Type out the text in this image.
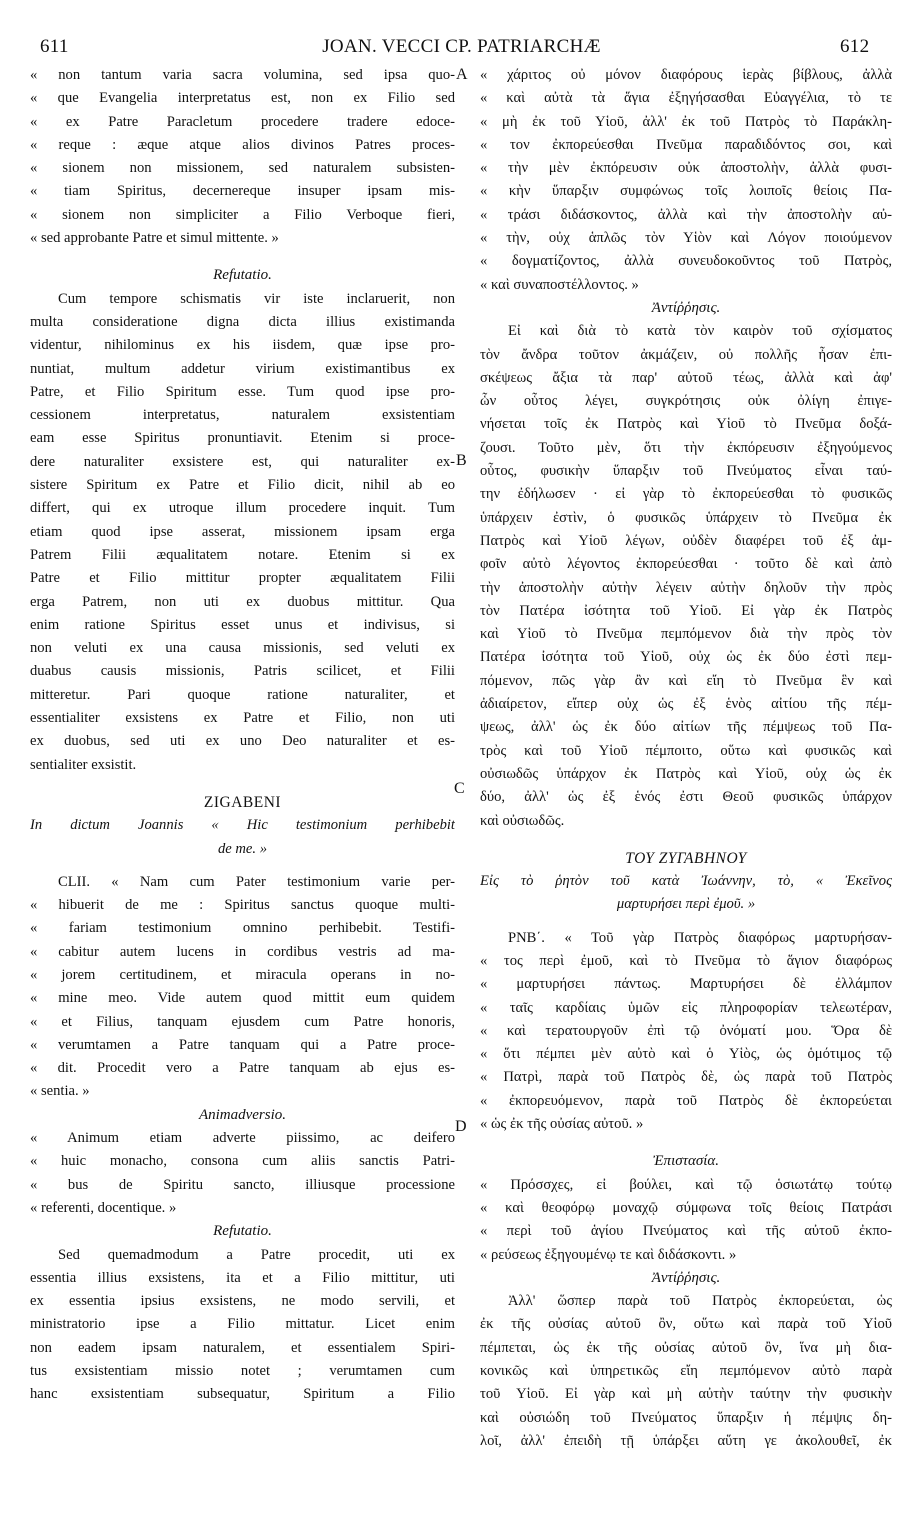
611	JOAN. VECCI CP. PATRIARCHÆ	612
A
B
C
D
« non tantum varia sacra volumina, sed ipsa quo-
« que Evangelia interpretatus est, non ex Filio sed
« ex Patre Paracletum procedere tradere edoce-
« reque : æque atque alios divinos Patres proces-
« sionem non missionem, sed naturalem subsisten-
« tiam Spiritus, decernereque insuper ipsam mis-
« sionem non simpliciter a Filio Verboque fieri,
« sed approbante Patre et simul mittente. »
Refutatio.
Cum tempore schismatis vir iste inclaruerit, non
multa consideratione digna dicta illius existimanda
videntur, nihilominus ex his iisdem, quæ ipse pro-
nuntiat, multum addetur virium existimantibus ex
Patre, et Filio Spiritum esse. Tum quod ipse pro-
cessionem interpretatus, naturalem exsistentiam
eam esse Spiritus pronuntiavit. Etenim si proce-
dere naturaliter exsistere est, qui naturaliter ex-
sistere Spiritum ex Patre et Filio dicit, nihil ab eo
differt, qui ex utroque illum procedere inquit. Tum
etiam quod ipse asserat, missionem ipsam erga
Patrem Filii æqualitatem notare. Etenim si ex
Patre et Filio mittitur propter æqualitatem Filii
erga Patrem, non uti ex duobus mittitur. Qua
enim ratione Spiritus esset unus et indivisus, si
non veluti ex una causa missionis, sed veluti ex
duabus causis missionis, Patris scilicet, et Filii
mitteretur. Pari quoque ratione naturaliter, et
essentialiter exsistens ex Patre et Filio, non uti
ex duobus, sed uti ex uno Deo naturaliter et es-
sentialiter exsistit.
ZIGABENI
In dictum Joannis « Hic testimonium perhibebit
de me. »
CLII. « Nam cum Pater testimonium varie per-
« hibuerit de me : Spiritus sanctus quoque multi-
« fariam testimonium omnino perhibebit. Testifi-
« cabitur autem lucens in cordibus vestris ad ma-
« jorem certitudinem, et miracula operans in no-
« mine meo. Vide autem quod mittit eum quidem
« et Filius, tanquam ejusdem cum Patre honoris,
« verumtamen a Patre tanquam qui a Patre proce-
« dit. Procedit vero a Patre tanquam ab ejus es-
« sentia. »
Animadversio.
« Animum etiam adverte piissimo, ac deifero
« huic monacho, consona cum aliis sanctis Patri-
« bus de Spiritu sancto, illiusque processione
« referenti, docentique. »
Refutatio.
Sed quemadmodum a Patre procedit, uti ex
essentia illius exsistens, ita et a Filio mittitur, uti
ex essentia ipsius exsistens, ne modo servili, et
ministratorio ipse a Filio mittatur. Licet enim
non eadem ipsam naturalem, et essentialem Spiri-
tus exsistentiam missio notet ; verumtamen cum
hanc exsistentiam subsequatur, Spiritum a Filio
« χάριτος οὐ μόνον διαφόρους ἱερὰς βίβλους, ἀλλὰ
« καὶ αὐτὰ τὰ ἅγια ἐξηγήσασθαι Εὐαγγέλια, τὸ τε
« μὴ ἐκ τοῦ Υἱοῦ, ἀλλ' ἐκ τοῦ Πατρὸς τὸ Παράκλη-
« τον ἐκπορεύεσθαι Πνεῦμα παραδιδόντος σοι, καὶ
« τὴν μὲν ἐκπόρευσιν οὐκ ἀποστολὴν, ἀλλὰ φυσι-
« κὴν ὕπαρξιν συμφώνως τοῖς λοιποῖς θείοις Πα-
« τράσι διδάσκοντος, ἀλλὰ καὶ τὴν ἀποστολὴν αὐ-
« τὴν, οὐχ ἁπλῶς τὸν Υἱὸν καὶ Λόγον ποιούμενον
« δογματίζοντος, ἀλλὰ συνευδοκοῦντος τοῦ Πατρὸς,
« καὶ συναποστέλλοντος. »
Ἀντίῤῥησις.
Εἰ καὶ διὰ τὸ κατὰ τὸν καιρὸν τοῦ σχίσματος
τὸν ἄνδρα τοῦτον ἀκμάζειν, οὐ πολλῆς ἦσαν ἐπι-
σκέψεως ἄξια τὰ παρ' αὐτοῦ τέως, ἀλλὰ καὶ ἀφ'
ὧν οὗτος λέγει, συγκρότησις οὐκ ὀλίγη ἐπιγε-
νήσεται τοῖς ἐκ Πατρὸς καὶ Υἱοῦ τὸ Πνεῦμα δοξά-
ζουσι. Τοῦτο μὲν, ὅτι τὴν ἐκπόρευσιν ἐξηγούμενος
οὗτος, φυσικὴν ὕπαρξιν τοῦ Πνεύματος εἶναι ταύ-
την ἐδήλωσεν · εἰ γὰρ τὸ ἐκπορεύεσθαι τὸ φυσικῶς
ὑπάρχειν ἐστὶν, ὁ φυσικῶς ὑπάρχειν τὸ Πνεῦμα ἐκ
Πατρὸς καὶ Υἱοῦ λέγων, οὐδὲν διαφέρει τοῦ ἐξ ἀμ-
φοῖν αὐτὸ λέγοντος ἐκπορεύεσθαι · τοῦτο δὲ καὶ ἀπὸ
τὴν ἀποστολὴν αὐτὴν λέγειν αὐτὴν δηλοῦν τὴν πρὸς
τὸν Πατέρα ἰσότητα τοῦ Υἱοῦ. Εἰ γὰρ ἐκ Πατρὸς
καὶ Υἱοῦ τὸ Πνεῦμα πεμπόμενον διὰ τὴν πρὸς τὸν
Πατέρα ἰσότητα τοῦ Υἱοῦ, οὐχ ὡς ἐκ δύο ἐστὶ πεμ-
πόμενον, πῶς γὰρ ἂν καὶ εἴη τὸ Πνεῦμα ἓν καὶ
ἀδιαίρετον, εἴπερ οὐχ ὡς ἐξ ἑνὸς αἰτίου τῆς πέμ-
ψεως, ἀλλ' ὡς ἐκ δύο αἰτίων τῆς πέμψεως τοῦ Πα-
τρὸς καὶ τοῦ Υἱοῦ πέμποιτο, οὕτω καὶ φυσικῶς καὶ
οὐσιωδῶς ὑπάρχον ἐκ Πατρὸς καὶ Υἱοῦ, οὐχ ὡς ἐκ
δύο, ἀλλ' ὡς ἐξ ἑνός ἐστι Θεοῦ φυσικῶς ὑπάρχον
καὶ οὐσιωδῶς.
ΤΟΥ ΖΥΓΑΒΗΝΟΥ
Εἰς τὸ ῥητὸν τοῦ κατὰ Ἰωάννην, τὸ, « Ἐκεῖνος
μαρτυρήσει περὶ ἐμοῦ. »
ΡΝΒ΄. « Τοῦ γὰρ Πατρὸς διαφόρως μαρτυρήσαν-
« τος περὶ ἐμοῦ, καὶ τὸ Πνεῦμα τὸ ἅγιον διαφόρως
« μαρτυρήσει πάντως. Μαρτυρήσει δὲ ἐλλάμπον
« ταῖς καρδίαις ὑμῶν εἰς πληροφορίαν τελεωτέραν,
« καὶ τερατουργοῦν ἐπὶ τῷ ὀνόματί μου. Ὅρα δὲ
« ὅτι πέμπει μὲν αὐτὸ καὶ ὁ Υἱὸς, ὡς ὁμότιμος τῷ
« Πατρὶ, παρὰ τοῦ Πατρὸς δὲ, ὡς παρὰ τοῦ Πατρὸς
« ἐκπορευόμενον, παρὰ τοῦ Πατρὸς δὲ ἐκπορεύεται
« ὡς ἐκ τῆς οὐσίας αὐτοῦ. »
Ἐπιστασία.
« Πρόσσχες, εἰ βούλει, καὶ τῷ ὁσιωτάτῳ τούτῳ
« καὶ θεοφόρῳ μοναχῷ σύμφωνα τοῖς θείοις Πατράσι
« περὶ τοῦ ἁγίου Πνεύματος καὶ τῆς αὐτοῦ ἐκπο-
« ρεύσεως ἐξηγουμένῳ τε καὶ διδάσκοντι. »
Ἀντίῤῥησις.
Ἀλλ' ὥσπερ παρὰ τοῦ Πατρὸς ἐκπορεύεται, ὡς
ἐκ τῆς οὐσίας αὐτοῦ ὂν, οὕτω καὶ παρὰ τοῦ Υἱοῦ
πέμπεται, ὡς ἐκ τῆς οὐσίας αὐτοῦ ὂν, ἵνα μὴ δια-
κονικῶς καὶ ὑπηρετικῶς εἴη πεμπόμενον αὐτὸ παρὰ
τοῦ Υἱοῦ. Εἰ γὰρ καὶ μὴ αὐτὴν ταύτην τὴν φυσικὴν
καὶ οὐσιώδη τοῦ Πνεύματος ὕπαρξιν ἡ πέμψις δη-
λοῖ, ἀλλ' ἐπειδὴ τῇ ὑπάρξει αὕτη γε ἀκολουθεῖ, ἐκ
